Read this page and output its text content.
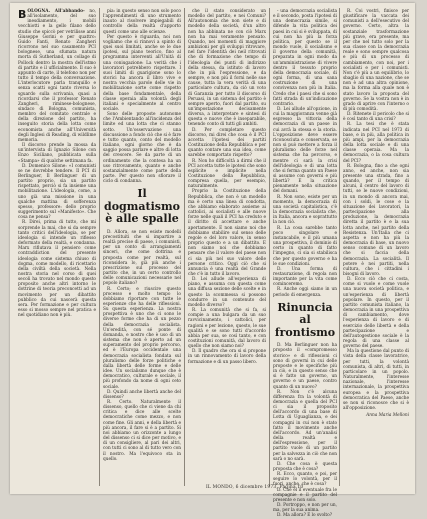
BOLOGNA. All'abbando- no, all'isolamento, del suo inesdiamento, i mobili vecchiotti e la gello filano dello studio che spiccò per vetrilisse anni Giuseppe Gorini e per quattro: Guido Fanti, Renato Zangheri ricorrono nel suo casamento PCI bolognese, una sfumata natura morta di Sutherland, un collage di Pollock dentro la mostra dell'istmo di partito e il ufficialmente. Il suo è appunto di carte, il telefono non per tutto il tempo della conversazione. L'interlocutore parla tranquillo e senza scatti ogni tanto riversa lo sguardo sulla scrivania, quasi a ricordarsi che il professor Renato Zangheri, riminese-bolognese, sindaco di Bologna, comunista, membro del comitato centrale e della direzione del partito, ha inseguito storia della lotta come economista anche all'Università degli Inglesi di Reading, di wildlime memoria.

Il discorso prende la mossa da un'intervista di Ignazio Silone con Enzo Siciliano, pubblicata sulla «Stampa» di qualche settimana fa.

D. Domenico Silone: «I comunisti se ne dovrebbe tendere. Il PCI di Berlinguer, Il Berlinguer di un partito proprio, sia un partito rispettato, perciò si fa insieme una mobilitazione. L'ideologia, come, a uno già una missione in una qualche mattina di sofferenza spesso, professore: dello proprio suggerimento sul «Manifesto». Che cosa ne pensa?

R. Direi, prima di tutto, che mi sorprende la mai, che si da sempre tanto critici dell'ideologia, se per ideologia si intende un riflesso deformato della realtà, e condanna. Marx rifiutava il pensiero come contraddiction del presente ideologia come sistema chiuso di dogma, come modello, di ricettario della civiltà della società. Nella nostra storia nel corso di quei secoli ha trovato nel mondo questo proposito anche altri intorno le dottrine di teoria preconcetti ad un movimento per un dibattito pubblico da cui nascerà questa sera. Per formazione e per cultura esso si mosso sempre nel pratica e nel quotidiano non è più.

pia: in questo senso non solo poco l'apprendimenti di uno strumento inauto al risolvere impiegabili di controllo della realtà d'apporto questi come uno alle scienze.

Per questo è riguarda, noi non vogliamo che si rinnovi a spinto di quei suoi limitati, anche se le due ipotesi, sul piano teorico, fino al programma interventi all'Unità di una coniugazione: La verità che i lavoratori potrebbero rispettare. I suoi limiti di guarigione sono lo storici ha ancora il libro vive e nostra vecchia parole delle vie in mobilitazione sorte come rispetto della base fondamentale, della classe operaia alla volontà degli italiani e specialmente al centro sociale.

Sono delle proposte autonome che l'Ambientando all'incidenza del limite ed una lotta che ci stanno sotto. Un'osservazione una discussione a fondo ciò che si è fare e tutto quanto, conto del modello italiano, ogni giorno che è da saggio possa parlare e altre di lotta del crescere. Se da parte di un ordinamento che la contesa ha un uso ritrovamento, quanto e anche sostanzialmente come parte della parte. Per questo non sfiorare il ciclo di condanna.

Il dogmatismo è alle spalle

D. Allora, se non esiste modelli precostituiti che si impartire a realtà precise di paese, i comunisti, per un conto di arrangiamenti sinceri, che come dottrina e proposta come per realtà, sul riconsidera lo, già più anche i prescrizione sul processo del partito che, in un certo controllo delle comunicazioni necessarie nel popolo italiano?

R. Certo; e riuscire questo processo e molto tempo lo dobbiamo riportare con tutte le esperienze che ha delle riflessioni. Su questa esperienza. La nostra prospettiva è uno che ci sono le diverse forme che ha di un pezzo della democrazia socialista. Un'eredità, con sé ponte di domanda, e nostro che è uso di un sistema che non è aperto ad un superamento del proprio percorso, ed è l'Europa occidentale una democrazia socialista fondata sul pluralismo delle forze politiche e dalla libertà delle forme e delle idee. Un socialismo dunque che è democratico, culturale e sociale, il più profondo da nome di ogni ceto sociale.

D. Quindi anche libertà anche del dissenso?

R. Certo. Naturalmente il dissenso, quello che ci viene da chi critica e dice alle scelte democratiche come mezzo, e non come fine. Gli anni, e della libertà e più ancora, il fare si è a partito. Si noi abbiamo un orizzonte a lungo del dissenso ci si dice per motivo, e di un consigliere, al pari dei altri, con tutti ci sono al di tutto vero con il nostro. Ma l'equivoco sta in quello.

che il stato considerato un modello del partito, e nei Comuni? All'autonomia che non siete e di modello della società, d'un altro non ha abbinata ne con ciò Marx non ha mai veramente pensato. Quando, nei momenti di maggiore ambizioni per gli sviluppi ritrovare, nel fare l'identità dei neil ritrovati che di formazione che tempo di l'ideologia dei punti di indirizzo della stessa, da istituto di lavoro che in più l'espressione, e da sempre, e non più il fornì nelle sue cause, tutta la vera verità di una particolare cultura, da ciò un voto di Garanzia per tutto il discorso di Peruasi, in un sistema del partito è sempre aperto, fuori dal partito, su un'impostazione decisamente diversa, a interpretare e sintesi di questa e nuove che è inseparabile, tenendo conto di tutti gli ambiti.

D. Per completare questo discorso, mi direi che cosa è il PCI accetta l'ipotesi dei partiti Costituzione della Repubblica e per quanto contare una sua idea, come sarebbe comportato rispetto?

R. Non ho difficoltà a dirmi che il PCI accetta tutte le ipotesi che sono esplicite e implicite nella Costituzione della Repubblica, compresa quella, per esempio, naturalmente.

Proprio la Costituzione della Repubblica, che non è un modello ma è certo una linea di condotta, che abbiamo elaborato assieme ai cattolici, ai socialisti e alle nuove forze nelle quali il PCI ha creduto e il diritto di accettare e anche apertamente. E non siamo noi che dobbiamo stabilire sul senso delle regole e del loro valore, in senso proprio questo e a un dibattito. E non siamo noi che dobbiamo pensare che il valore del paese non ci sia più nel suo valore delle persone critico. Oggi ciò che si annuncia è una realtà del Grande che c'è in tutto il lavoro.

D. Lei allude all'esperienza di piano, e assuma con questa come una diffusa sezione delle scelte e in questo la scommessa si possono condurre in un contenuto del modello diverso?

R. La comunità che si fa, si compie a una bulgara da un suo ravvicinamento, i cattolici, per ragioni e per lezione, questo, le sue qualità e se sono tutti d'accordo abbia per sua, se così tanto, e con costituzioni comunità, dal lavoro di quello che non siamo noi?

D. Il quadro che ora si si propone in un rinnovamento di lavoro della formazione e di un passo libero.

- una democrazia socialista e il secondo, posta l'ipotesi di una democrazia simile, si difende la vita politica dei paesi in cui si è sviluppata, di cui non ha più la forza politica, per questo se il mondo vuole, il socialismo e il governo della comunità, preparata in ogni modo da un'amministrazione di vivere dentro il tessuto proprio della democrazia sociale, di ogni forma, di una sana costruzione di una convivenza non più in Italia. Credo che i paesi che si sono fatti strada di un'indicazione contrario.

D. Lei allude all'opzione, in cui la maggioranza venne già espresso la vittoria della democrazia di un paese in cui avrà la stessa e la storia. L'opposizione deve essere riconosciuta e conservata, se non si può mettere a forza il pluralismo delle forze nel sistema che ha percorso, e mentre ci sarà la crisi dell'ideologia e di una lotta che si ferma quanto un Paese si assume con governi e più libertà? E la critica pienamente nella situazione del domani.

R. Non sono, esiste per un momento, la democrazia di una società capitalistica, c'è la democrazia socialista che, in Italia, ancora e soprattutto la non ciò.

R. La cosa sarebbe tanto poco singolare e instancabile, e il più umana una prospettiva, il dominio di certo in quanto di fatto l'impegno, ci sia si stabilisca che per questo governo e ha le sue condizioni.

D. Una forma di restaurazione, di regola non importante per la vita come cominceremo.

R. Anche oggi siamo in un periodo di emergenza.

Rinuncia al frontismo

D. Ma Berlinguer non ha proposto il «compromesso storico» e di riflessioni ci sono di governi in cui delle proposte e le specifiche più in ciò, e in questo senso che si è fatto un governo, un governo e un paese, contro quanto di un nuovo?

R. Non c'è alcuna differenza fra la volontà di democrazia e quella del PCI ci sia il proposito dell'accordo di una base di Lotta di Uguaglianza, e dei compagni in cui non è stato fatto il movimento anche dell'accordo. Ad un'analisi della realtà e dell'espressione, per il partito vuole di un partito per la salvezza in ciò che non sarà o no sarà.

D. Che cosa è questa proposta che è cosa?

R. Ecco, quanto, e poi, per seguire lo volontà, per il fuori, anche, che è cosa?

D. Che el il eventuale fra le compagnie e il partito del presente e non solo.

D. Portroppo, e non per un, ma, per la sua anima.

D. Ma allora? E lo svolto?

R. Coi vostri, finisce per giustificare la vaccata dei comunisti a dell'esecutivo del governo. Certo, altra la sostanziale trasformazione più grave, era presente, ma per che nel tutto solo per la sua classe con la democrazia reale e sono sempre qualcosa e più di un processo di cambiamento, con noi, per i socialisti e per i comunisti. Non c'è più a un equilibrio, lo sbaglio di una nazione, che se non è ad una altra opinione, ma la forma alla quale non è stato lavoro la proposta del governo. Se la vostra non è in grado di aprire con l'interno o di più comodità.

D. Ritenete il pericolo che si è così tanto di una crisi?

R. La tesi che è stata indicata nel PCI nel 1973 di base, e in più, alla politica in più ampi, per la democrazia della lotta sociale e di una classe operaia. Ma la democrazia, o la cosa cultura del PCI?

R. Bologna, fino a che ogni anno, ed anche, non sia presente una strada, fino a quando, per il tempo di alcuni, il centro del lavoro di tutti, se le nuove condizioni, in un mondo di ancora mai, con i soldi, le cose e la situazione dei lavoratori, la partecipazione alla produzione, la democrazia diretta il partito è e la sua lotta anche, nel partito della Resistenza. Un'Italia che ci aspetta e non ha più la democrazia di base, un nuovo senso comune di un lavoro che si faccia della democrazia. La socialità. Il potere è nei partiti, nella cultura, che i cittadini i bisogni di lavoro.

D. Ecco ciò che ci costa, come si vuole e come vuole una nuova società politica, e un'esperienza di libertà popolare. In questo, per il partito comunista italiano, la democrazia in una prospettiva di cambiamento, dove l'esperienza di lavoro e di esercizio delle libertà e della partecipazione e dell'autogestione sociale è la regola di una classe al governo del paese.

Ma la questione dal punto di vista della classe lavoratrice, per tutti, la volontà comunista, di altri, di tutti, in particolare in un popolo. Naturalmente, l'interesse nazionale, l'interesse internazionale, la prospettiva europea e la prospettiva democratica del Paese, anche se non si riconosce che si è all'opposizione.

Anna Maria Melloni

IL MONDO, 6 dicembre 1973, Pagina 10
